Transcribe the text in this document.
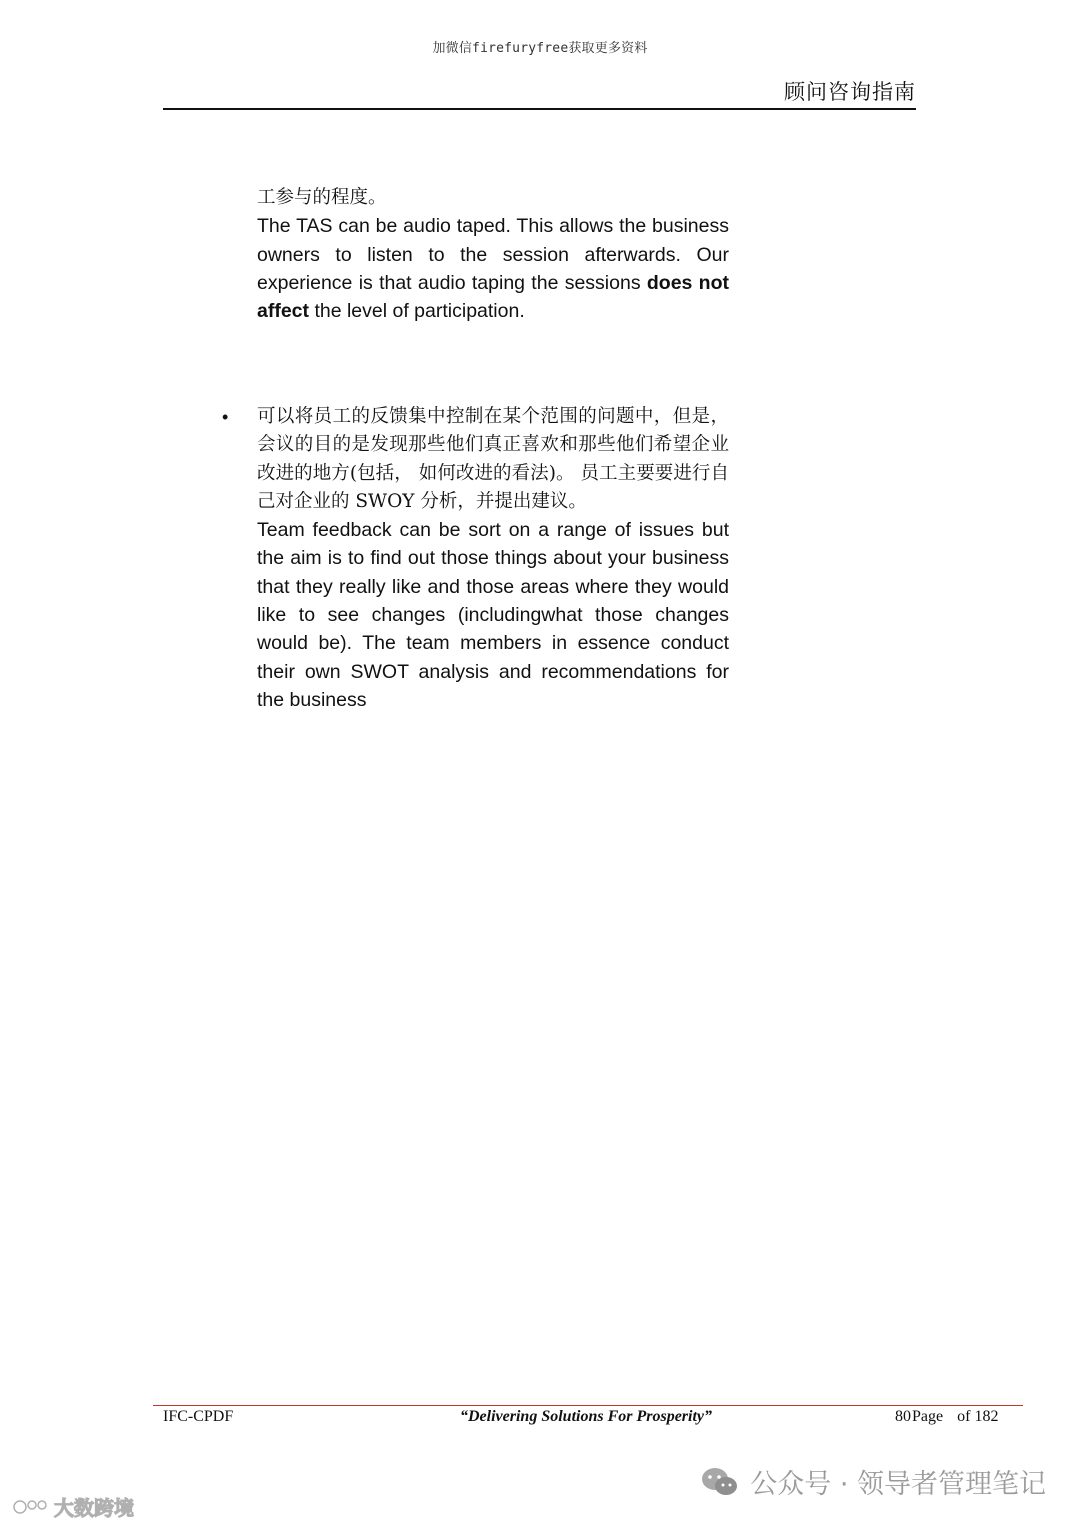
加微信firefuryfree获取更多资料
顾问咨询指南
工参与的程度。
The TAS can be audio taped. This allows the business owners to listen to the session afterwards. Our experience is that audio taping the sessions does not affect the level of participation.
• 可以将员工的反馈集中控制在某个范围的问题中，但是， 会议的目的是发现那些他们真正喜欢和那些他们希望企业改进的地方(包括， 如何改进的看法)。 员工主要要进行自己对企业的 SWOY 分析，并提出建议。
Team feedback can be sort on a range of issues but the aim is to find out those things about your business that they really like and those areas where they would like to see changes (includingwhat those changes would be). The team members in essence conduct their own SWOT analysis and recommendations for the business
IFC-CPDF	“Delivering Solutions For Prosperity”	80Page of 182
公众号 · 领导者管理笔记
大数跨境
